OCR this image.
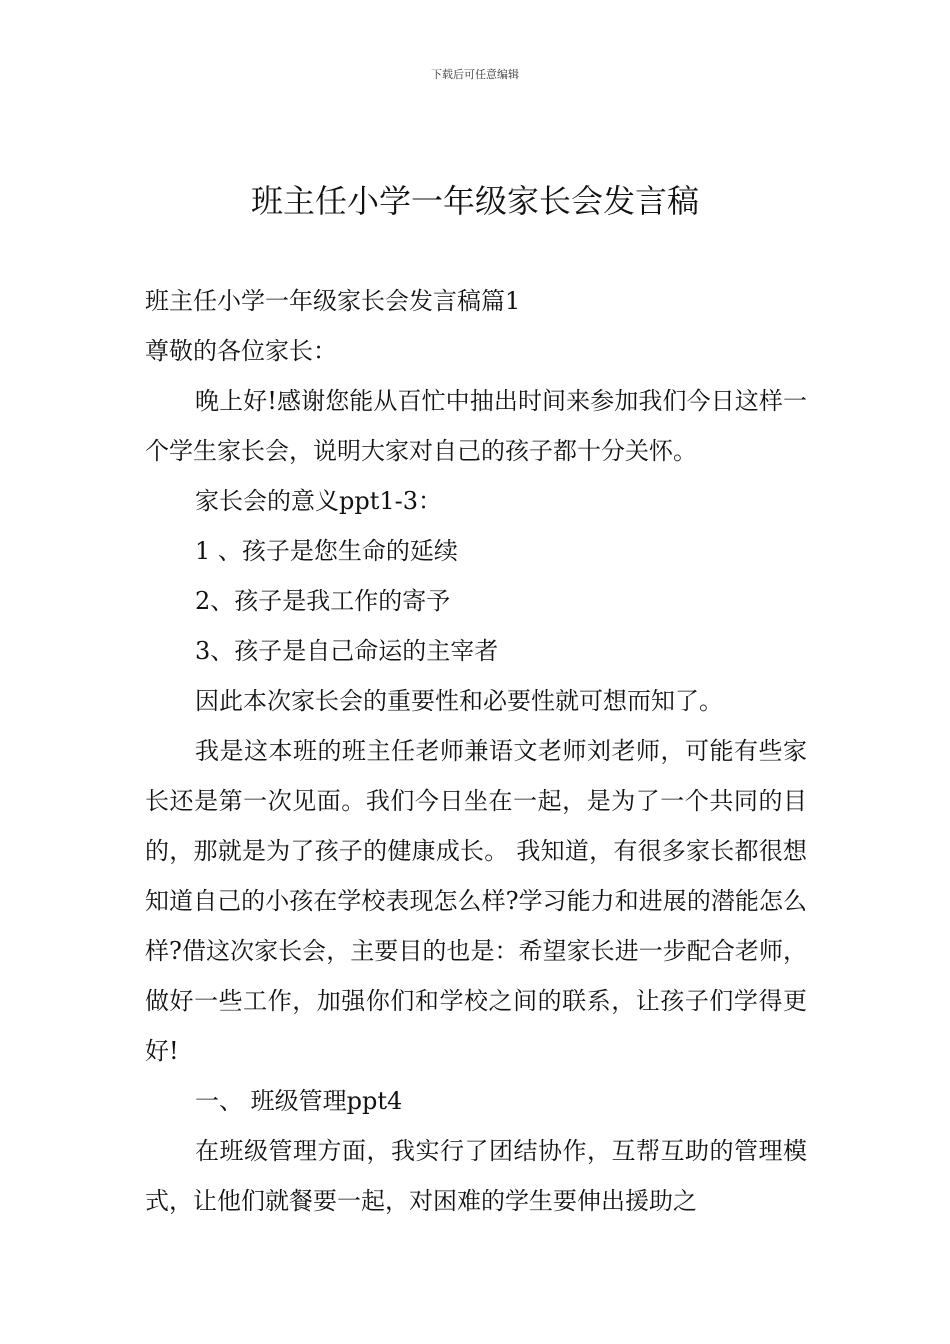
下载后可任意编辑
班主任小学一年级家长会发言稿

班主任小学一年级家长会发言稿篇1

尊敬的各位家长：

晚上好!感谢您能从百忙中抽出时间来参加我们今日这样一个学生家长会，说明大家对自己的孩子都十分关怀。

家长会的意义ppt1-3：

1 、孩子是您生命的延续

2、孩子是我工作的寄予

3、孩子是自己命运的主宰者

因此本次家长会的重要性和必要性就可想而知了。

我是这本班的班主任老师兼语文老师刘老师，可能有些家长还是第一次见面。我们今日坐在一起，是为了一个共同的目的，那就是为了孩子的健康成长。 我知道，有很多家长都很想知道自己的小孩在学校表现怎么样?学习能力和进展的潜能怎么样?借这次家长会，主要目的也是：希望家长进一步配合老师，做好一些工作，加强你们和学校之间的联系，让孩子们学得更好!

一、 班级管理ppt4

在班级管理方面，我实行了团结协作，互帮互助的管理模式，让他们就餐要一起，对困难的学生要伸出援助之
